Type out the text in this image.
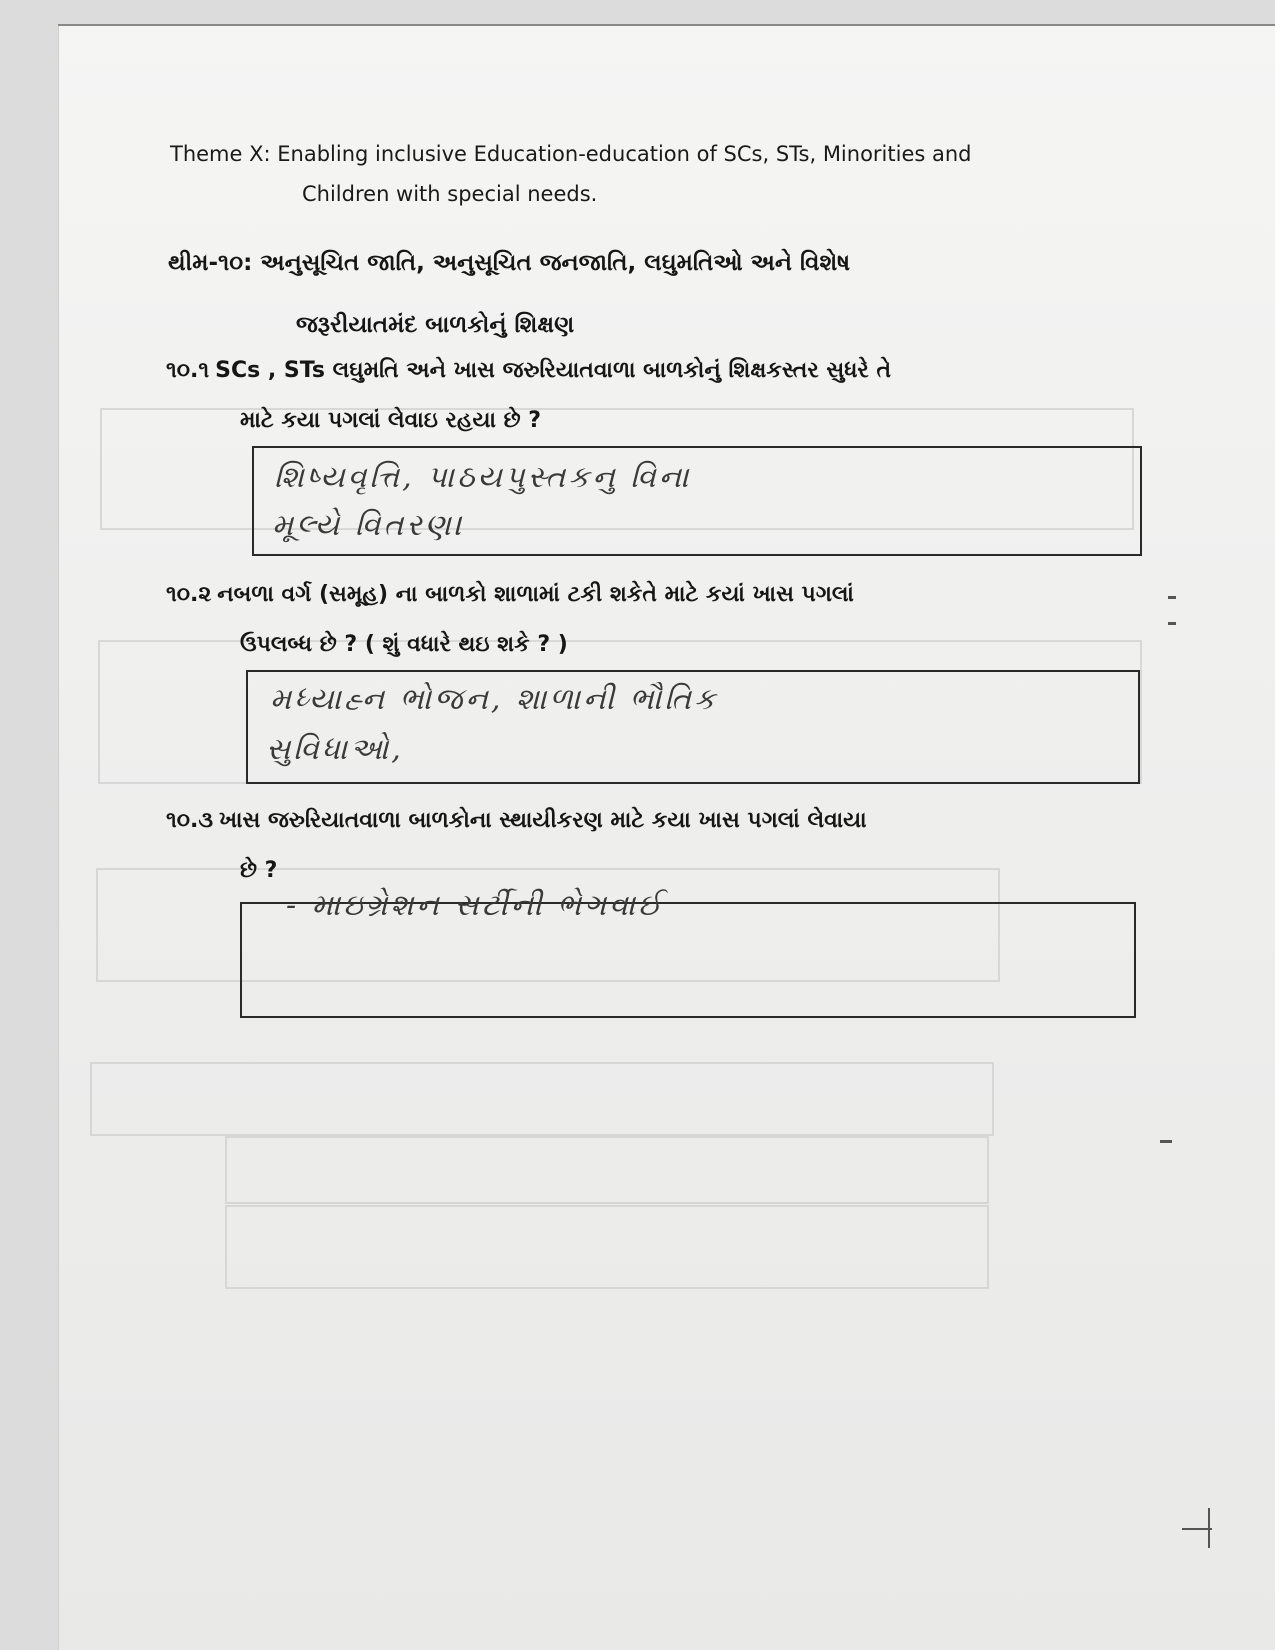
Theme X: Enabling inclusive Education-education of SCs, STs, Minorities and
Children with special needs.
થીમ-૧૦: અનુસૂચિત જાતિ, અનુસૂચિત જનજાતિ, લઘુમતિઓ અને વિશેષ
જરૂરીયાતમંદ બાળકોનું શિક્ષણ
૧૦.૧ SCs , STs લઘુમતિ અને ખાસ જરુરિયાતવાળા બાળકોનું શિક્ષકસ્તર સુધરે તે
માટે કયા પગલાં લેવાઇ રહયા છે ?
શિષ્યવૃત્તિ, પાઠયપુસ્તકનુ વિના
મૂલ્યે વિતરણ।
૧૦.૨ નબળા વર્ગ (સમૂહ) ના બાળકો શાળામાં ટકી શકેતે માટે કયાં ખાસ પગલાં
ઉપલબ્ધ છે ? ( શું વધારે થઇ શકે ? )
મધ્યાહ્ન ભોજન, શાળાની ભૌતિક
સુવિધાઓ,
૧૦.૩ ખાસ જરુરિયાતવાળા બાળકોના સ્થાયીકરણ માટે કયા ખાસ પગલાં લેવાયા
છે ?
- માઇગ્રેશન સર્ટીની ભેગવાઈ
